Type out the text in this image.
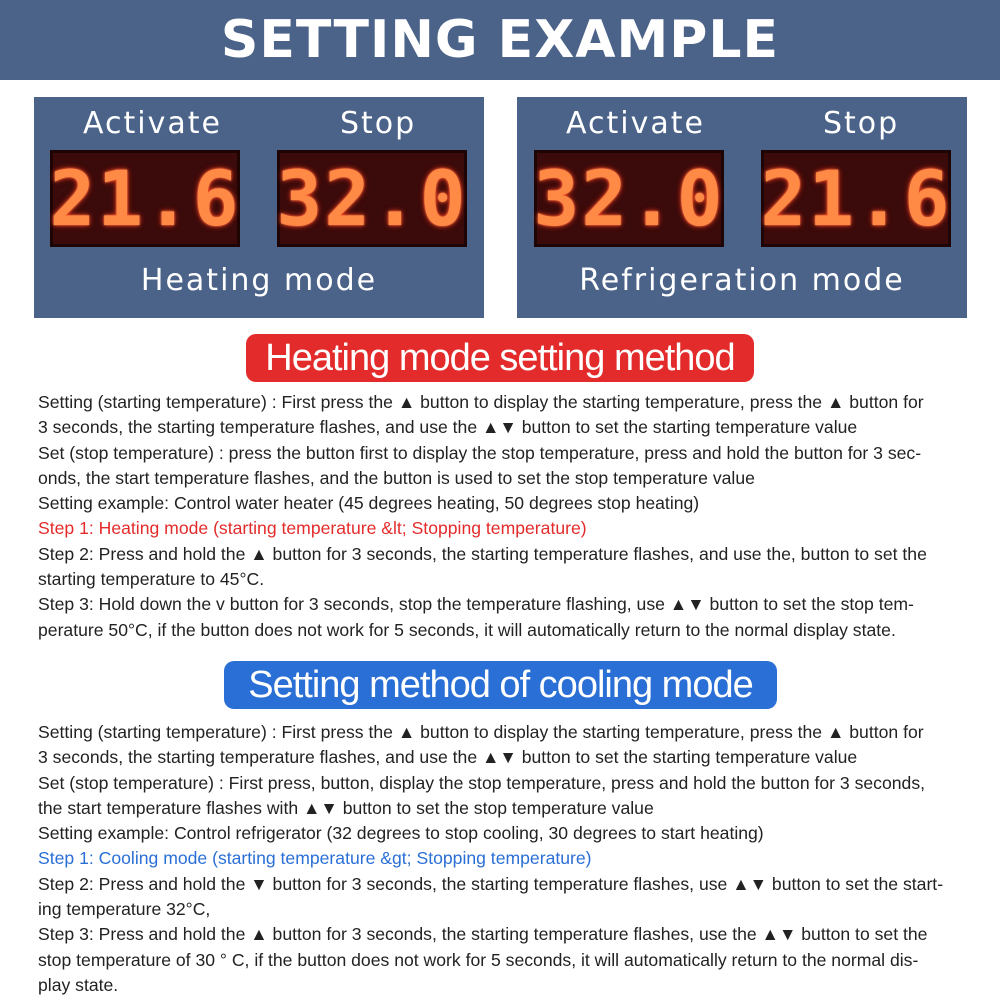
SETTING EXAMPLE
Activate	Stop
21.6 32.0
Heating mode
Activate	Stop
32.0 21.6
Refrigeration mode
Heating mode setting method

Setting (starting temperature) : First press the ▲ button to display the starting temperature, press the ▲ button for

3 seconds, the starting temperature flashes, and use the ▲▼ button to set the starting temperature value

Set (stop temperature) : press the button first to display the stop temperature, press and hold the button for 3 sec-

onds, the start temperature flashes, and the button is used to set the stop temperature value

Setting example: Control water heater (45 degrees heating, 50 degrees stop heating)

Step 1: Heating mode (starting temperature &lt; Stopping temperature)

Step 2: Press and hold the ▲ button for 3 seconds, the starting temperature flashes, and use the, button to set the

starting temperature to 45°C.

Step 3: Hold down the v button for 3 seconds, stop the temperature flashing, use ▲▼ button to set the stop tem-

perature 50°C, if the button does not work for 5 seconds, it will automatically return to the normal display state.

Setting method of cooling mode

Setting (starting temperature) : First press the ▲ button to display the starting temperature, press the ▲ button for

3 seconds, the starting temperature flashes, and use the ▲▼ button to set the starting temperature value

Set (stop temperature) : First press, button, display the stop temperature, press and hold the button for 3 seconds,

the start temperature flashes with ▲▼ button to set the stop temperature value

Setting example: Control refrigerator (32 degrees to stop cooling, 30 degrees to start heating)

Step 1: Cooling mode (starting temperature &gt; Stopping temperature)

Step 2: Press and hold the ▼ button for 3 seconds, the starting temperature flashes, use ▲▼ button to set the start-

ing temperature 32°C,

Step 3: Press and hold the ▲ button for 3 seconds, the starting temperature flashes, use the ▲▼ button to set the

stop temperature of 30 ° C, if the button does not work for 5 seconds, it will automatically return to the normal dis-

play state.
